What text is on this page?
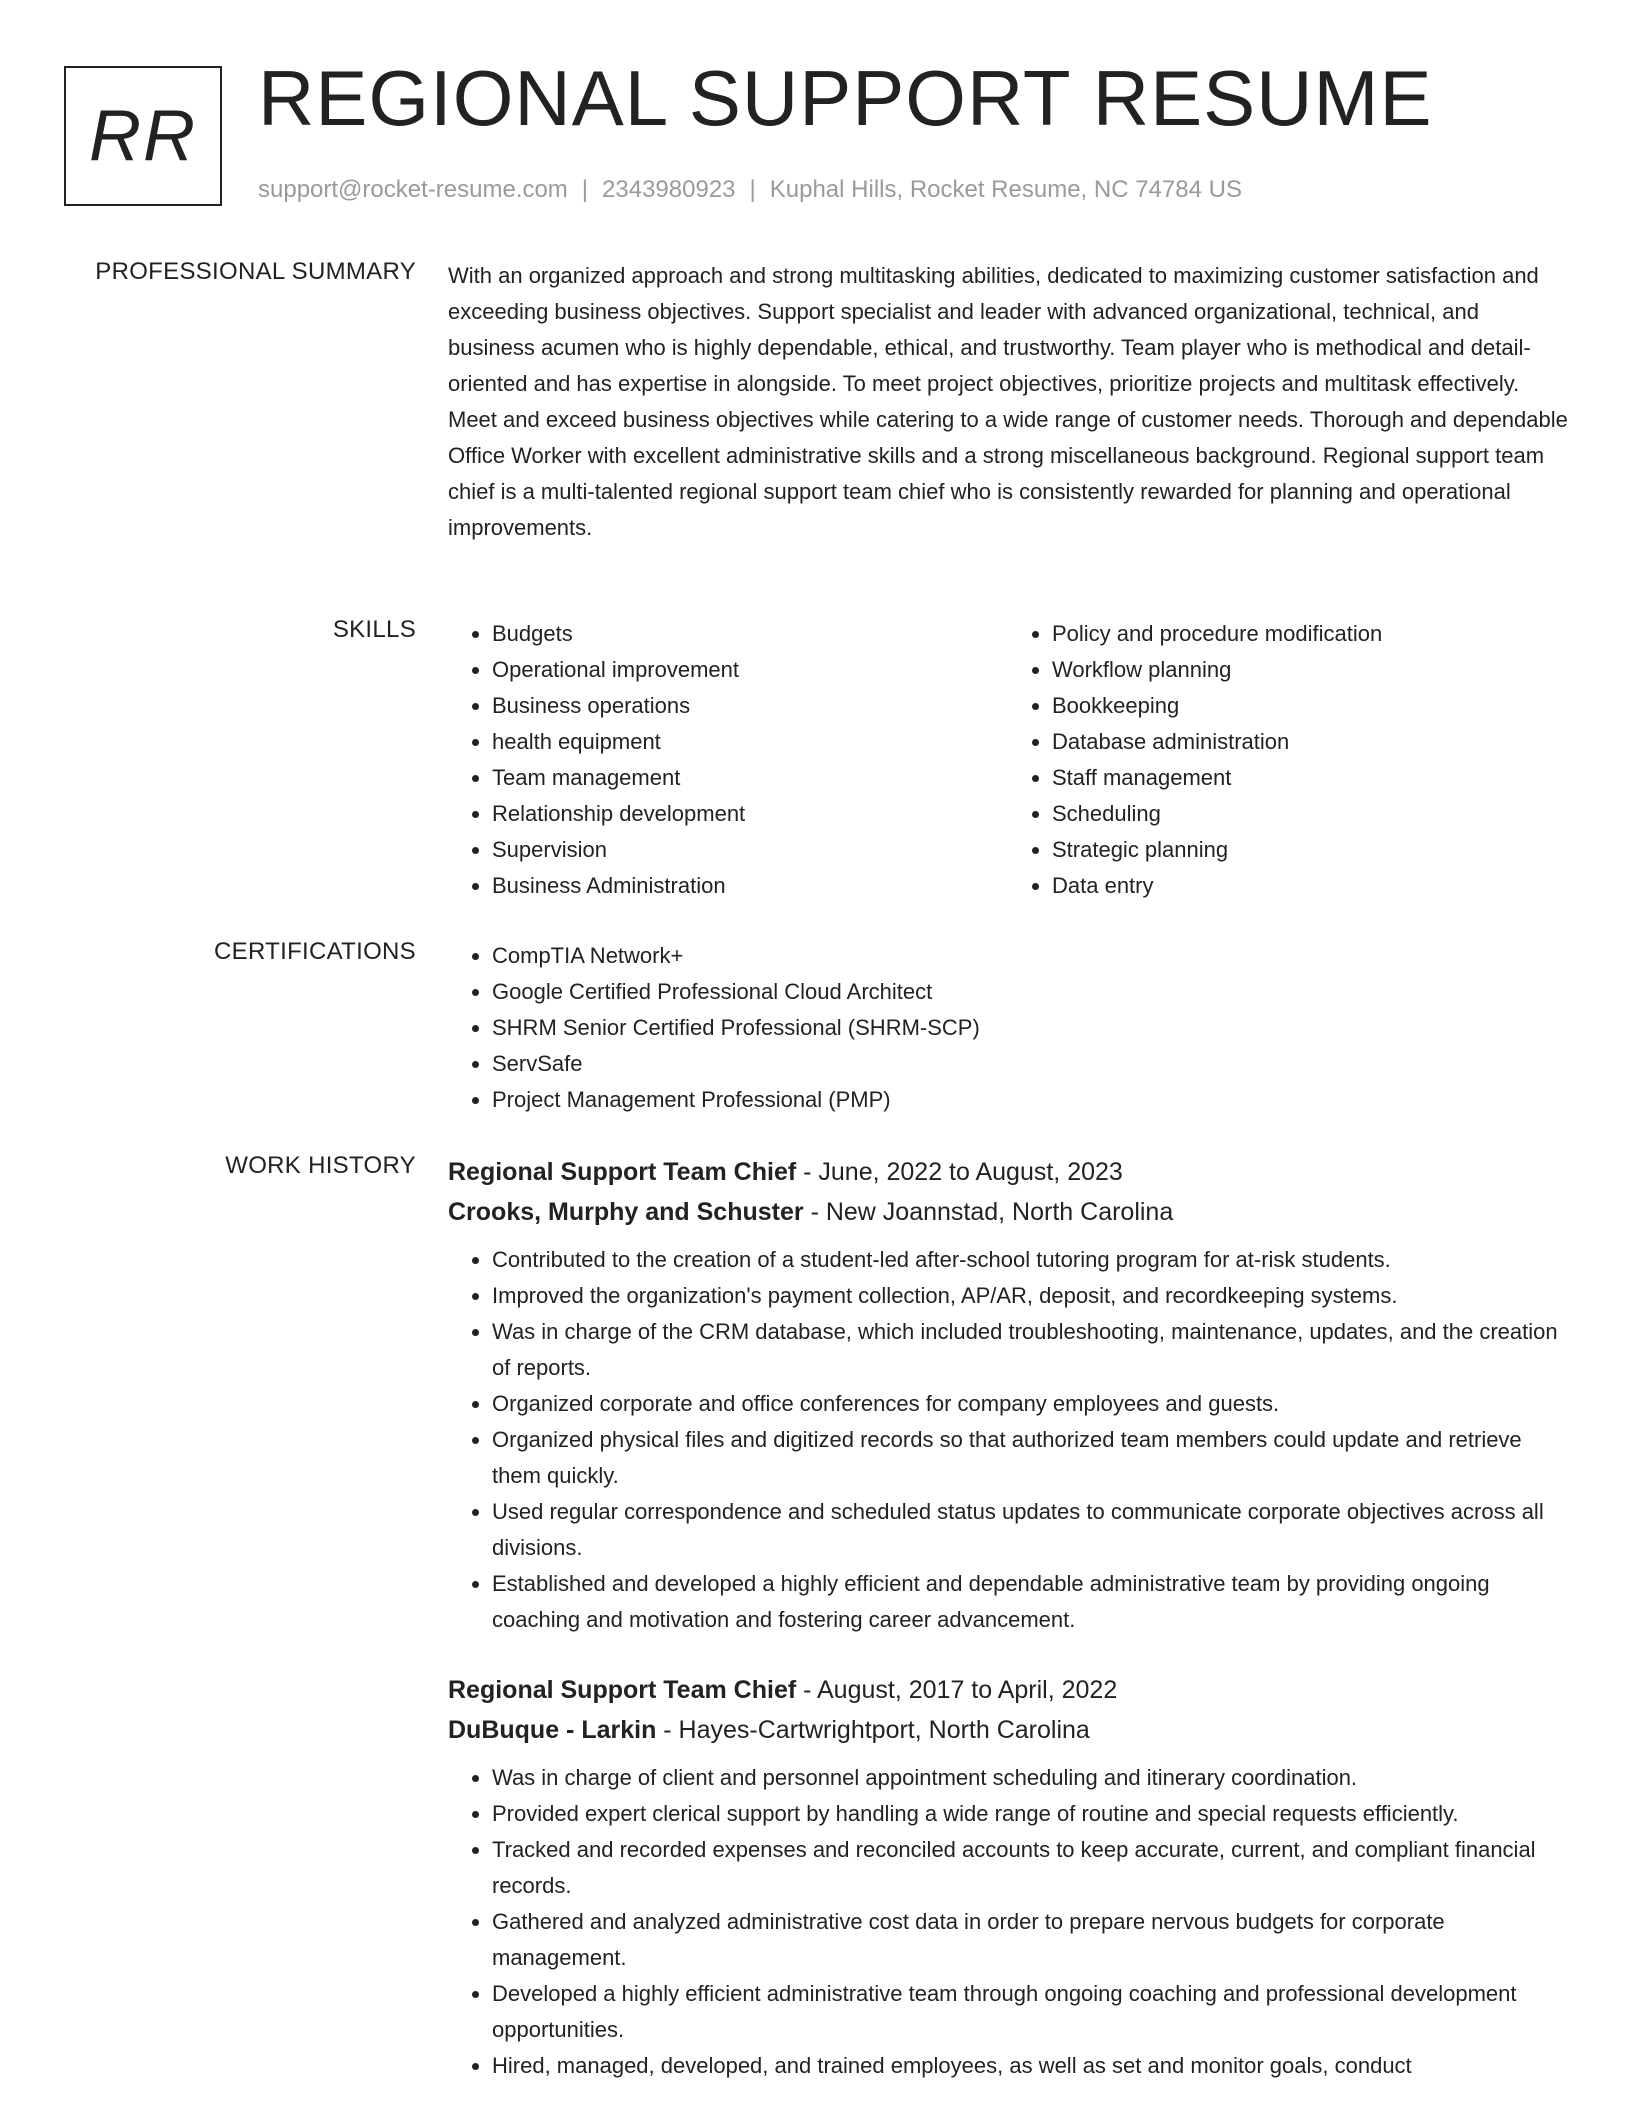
RR REGIONAL SUPPORT RESUME
support@rocket-resume.com | 2343980923 | Kuphal Hills, Rocket Resume, NC 74784 US
PROFESSIONAL SUMMARY With an organized approach and strong multitasking abilities, dedicated to maximizing customer satisfaction and exceeding business objectives. Support specialist and leader with advanced organizational, technical, and business acumen who is highly dependable, ethical, and trustworthy. Team player who is methodical and detail-oriented and has expertise in alongside. To meet project objectives, prioritize projects and multitask effectively. Meet and exceed business objectives while catering to a wide range of customer needs. Thorough and dependable Office Worker with excellent administrative skills and a strong miscellaneous background. Regional support team chief is a multi-talented regional support team chief who is consistently rewarded for planning and operational improvements.

SKILLS	• Budgets
• Operational improvement
• Business operations
• health equipment
• Team management
• Relationship development
• Supervision
• Business Administration
• Policy and procedure modification
• Workflow planning
• Bookkeeping
• Database administration
• Staff management
• Scheduling
• Strategic planning
• Data entry
CERTIFICATIONS	• CompTIA Network+
• Google Certified Professional Cloud Architect
• SHRM Senior Certified Professional (SHRM-SCP)
• ServSafe
• Project Management Professional (PMP)
WORK HISTORY Regional Support Team Chief - June, 2022 to August, 2023
Crooks, Murphy and Schuster - New Joannstad, North Carolina
• Contributed to the creation of a student-led after-school tutoring program for at-risk students.
• Improved the organization's payment collection, AP/AR, deposit, and recordkeeping systems.
• Was in charge of the CRM database, which included troubleshooting, maintenance, updates, and the creation of reports.
• Organized corporate and office conferences for company employees and guests.
• Organized physical files and digitized records so that authorized team members could update and retrieve them quickly.
• Used regular correspondence and scheduled status updates to communicate corporate objectives across all divisions.
• Established and developed a highly efficient and dependable administrative team by providing ongoing coaching and motivation and fostering career advancement.
Regional Support Team Chief - August, 2017 to April, 2022
DuBuque - Larkin - Hayes-Cartwrightport, North Carolina
• Was in charge of client and personnel appointment scheduling and itinerary coordination.
• Provided expert clerical support by handling a wide range of routine and special requests efficiently.
• Tracked and recorded expenses and reconciled accounts to keep accurate, current, and compliant financial records.
• Gathered and analyzed administrative cost data in order to prepare nervous budgets for corporate management.
• Developed a highly efficient administrative team through ongoing coaching and professional development opportunities.
• Hired, managed, developed, and trained employees, as well as set and monitor goals, conduct
